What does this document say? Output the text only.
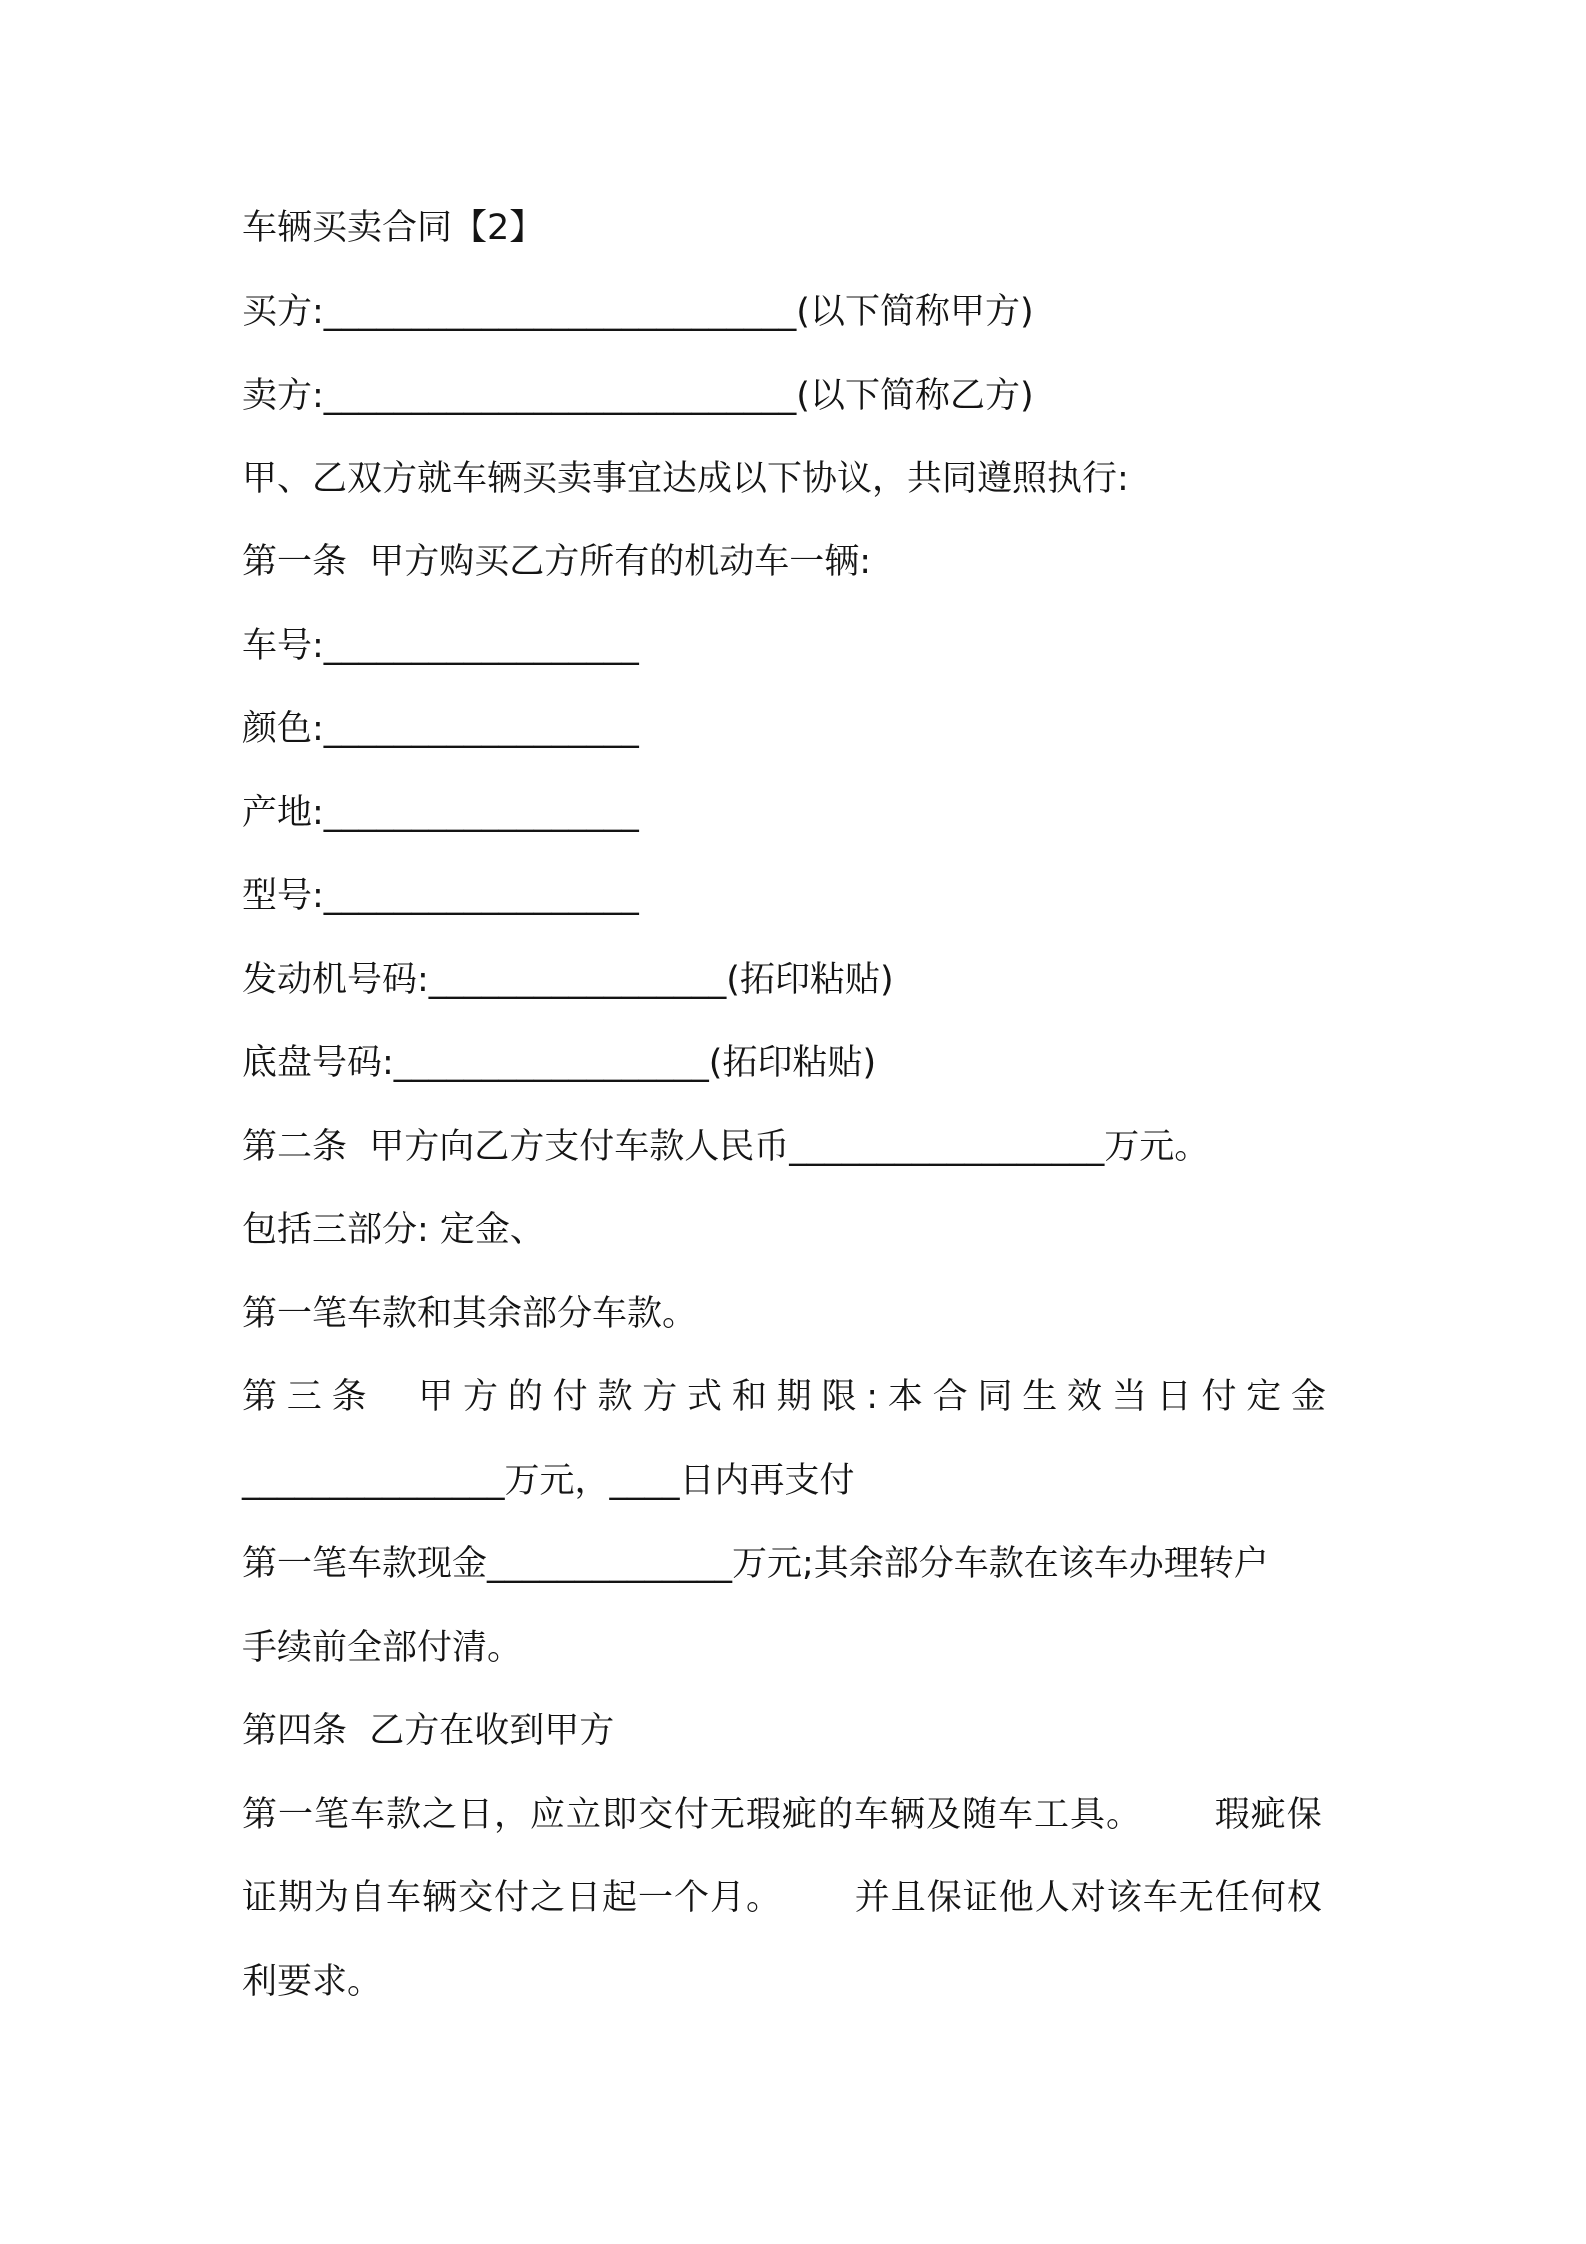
车辆买卖合同【2】

买方:___________________________(以下简称甲方)

卖方:___________________________(以下简称乙方)

甲、乙双方就车辆买卖事宜达成以下协议，共同遵照执行:

第一条  甲方购买乙方所有的机动车一辆:

车号:__________________

颜色:__________________

产地:__________________

型号:__________________

发动机号码:_________________(拓印粘贴)

底盘号码:__________________(拓印粘贴)

第二条  甲方向乙方支付车款人民币__________________万元。

包括三部分: 定金、

第一笔车款和其余部分车款。

第三条  甲方的付款方式和期限:本合同生效当日付定金

_______________万元，____日内再支付

第一笔车款现金______________万元;其余部分车款在该车办理转户

手续前全部付清。

第四条  乙方在收到甲方

第一笔车款之日，应立即交付无瑕疵的车辆及随车工具。      瑕疵保

证期为自车辆交付之日起一个月。      并且保证他人对该车无任何权

利要求。
